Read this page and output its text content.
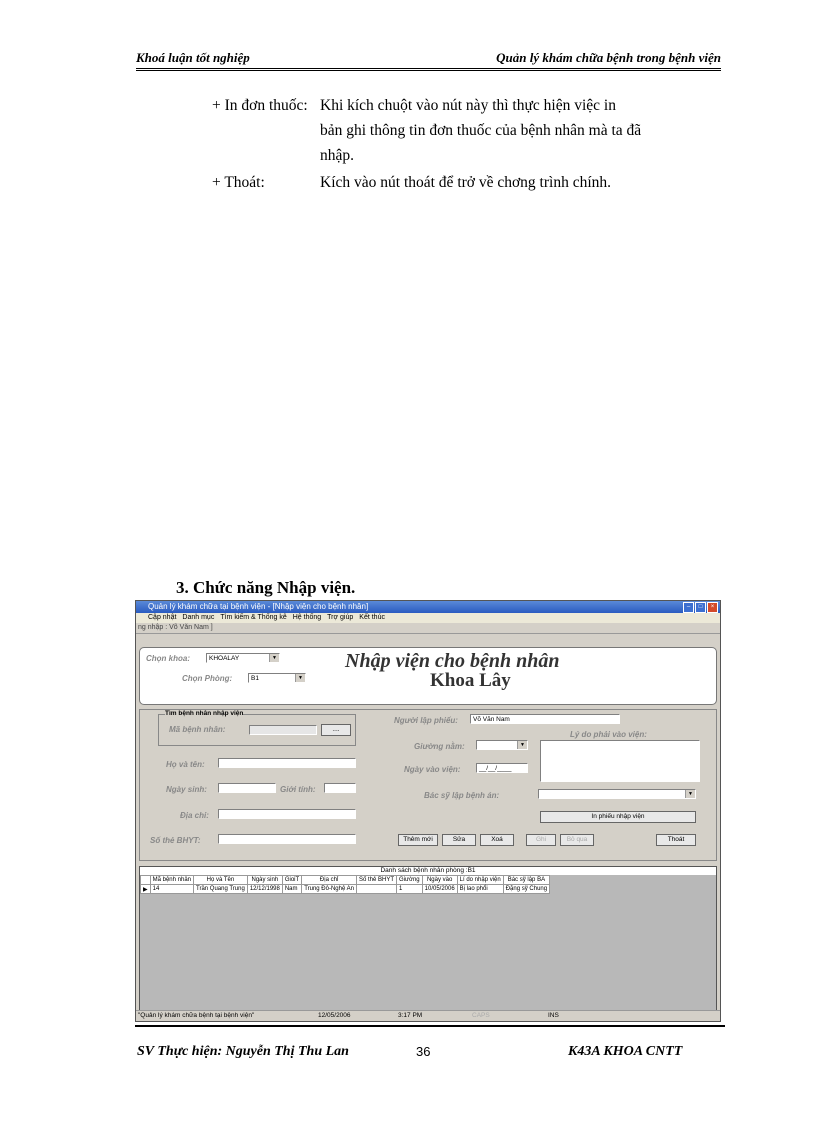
Khoá luận tốt nghiệp	Quản lý khám chữa bệnh trong bệnh viện
+ In đơn thuốc: Khi kích chuột vào nút này thì thực hiện việc in
bản ghi thông tin đơn thuốc của bệnh nhân mà ta đã
nhập.
+ Thoát:	Kích vào nút thoát để trở về chơng trình chính.
3. Chức năng Nhập viện.
Quản lý khám chữa tại bệnh viện - [Nhập viện cho bệnh nhân]	–	□	×
Cập nhật Danh mục Tìm kiếm & Thống kê Hệ thống Trợ giúp Kết thúc
ng nhập : Võ Văn Nam ]
Chọn khoa:	KHOALAY	▼
Chọn Phòng:	B1	▼
Nhập viện cho bệnh nhân
Khoa Lây
Tìm bệnh nhân nhập viện
Mã bệnh nhân:	....
Họ và tên:
Ngày sinh:	Giới tính:
Địa chỉ:
Số thẻ BHYT:
Người lập phiếu:	Võ Văn Nam
Lý do phải vào viện:
Giường nằm:	▼
Ngày vào viện:	__/__/____
Bác sỹ lập bệnh án:	▼
In phiếu nhập viện
Thêm mới	Sửa	Xoá	Ghi	Bỏ qua	Thoát
Danh sách bệnh nhân phòng :B1
	Mã bệnh nhân	Họ và Tên	Ngày sinh	GioiT	Địa chỉ	Số thẻ BHYT	Giường	Ngày vào	Lí do nhập viện	Bác sỹ lập BA
▶	14	Trần Quang Trung	12/12/1998	Nam	Trung Đô-Nghệ An		1	10/05/2006	Bị lao phổi	Đặng sỹ Chung
"Quản lý khám chữa bệnh tại bệnh viện"	12/05/2006	3:17 PM	CAPS	INS
SV Thực hiện: Nguyễn Thị Thu Lan	36	K43A KHOA CNTT
